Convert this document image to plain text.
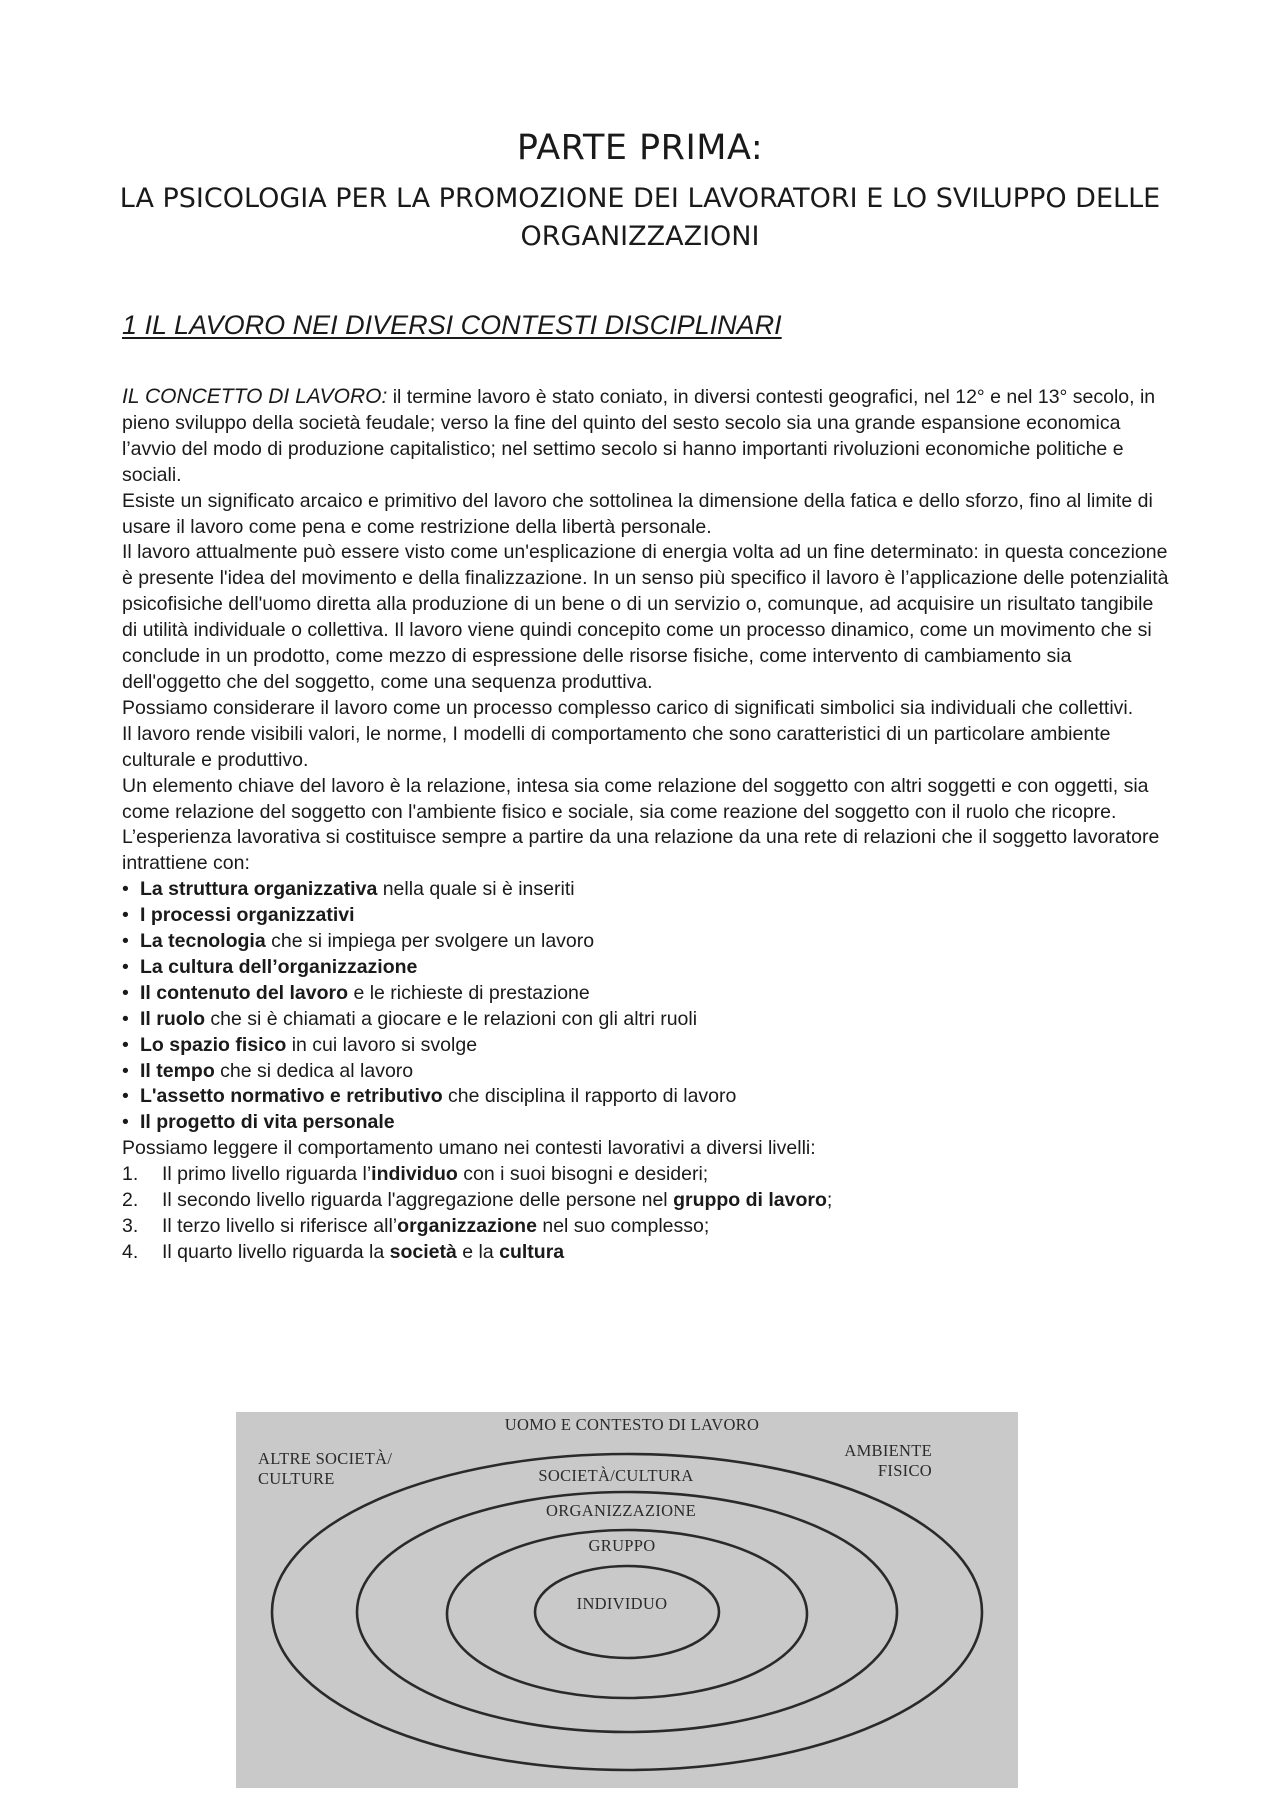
PARTE PRIMA:
LA PSICOLOGIA PER LA PROMOZIONE DEI LAVORATORI E LO SVILUPPO DELLE ORGANIZZAZIONI
1 IL LAVORO NEI DIVERSI CONTESTI DISCIPLINARI

IL CONCETTO DI LAVORO: il termine lavoro è stato coniato, in diversi contesti geografici, nel 12° e nel 13° secolo, in pieno sviluppo della società feudale; verso la fine del quinto del sesto secolo sia una grande espansione economica l’avvio del modo di produzione capitalistico; nel settimo secolo si hanno importanti rivoluzioni economiche politiche e sociali.

Esiste un significato arcaico e primitivo del lavoro che sottolinea la dimensione della fatica e dello sforzo, fino al limite di usare il lavoro come pena e come restrizione della libertà personale.

Il lavoro attualmente può essere visto come un'esplicazione di energia volta ad un fine determinato: in questa concezione è presente l'idea del movimento e della finalizzazione. In un senso più specifico il lavoro è l’applicazione delle potenzialità psicofisiche dell'uomo diretta alla produzione di un bene o di un servizio o, comunque, ad acquisire un risultato tangibile di utilità individuale o collettiva. Il lavoro viene quindi concepito come un processo dinamico, come un movimento che si conclude in un prodotto, come mezzo di espressione delle risorse fisiche, come intervento di cambiamento sia dell'oggetto che del soggetto, come una sequenza produttiva.

Possiamo considerare il lavoro come un processo complesso carico di significati simbolici sia individuali che collettivi.

Il lavoro rende visibili valori, le norme, I modelli di comportamento che sono caratteristici di un particolare ambiente culturale e produttivo.

Un elemento chiave del lavoro è la relazione, intesa sia come relazione del soggetto con altri soggetti e con oggetti, sia come relazione del soggetto con l'ambiente fisico e sociale, sia come reazione del soggetto con il ruolo che ricopre.

L’esperienza lavorativa si costituisce sempre a partire da una relazione da una rete di relazioni che il soggetto lavoratore intrattiene con:

• La struttura organizzativa nella quale si è inseriti
• I processi organizzativi
• La tecnologia che si impiega per svolgere un lavoro
• La cultura dell’organizzazione
• Il contenuto del lavoro e le richieste di prestazione
• Il ruolo che si è chiamati a giocare e le relazioni con gli altri ruoli
• Lo spazio fisico in cui lavoro si svolge
• Il tempo che si dedica al lavoro
• L'assetto normativo e retributivo che disciplina il rapporto di lavoro
• Il progetto di vita personale

Possiamo leggere il comportamento umano nei contesti lavorativi a diversi livelli:

1. Il primo livello riguarda l’individuo con i suoi bisogni e desideri;
2. Il secondo livello riguarda l'aggregazione delle persone nel gruppo di lavoro;
3. Il terzo livello si riferisce all’organizzazione nel suo complesso;
4. Il quarto livello riguarda la società e la cultura
UOMO E CONTESTO DI LAVORO
ALTRE SOCIETÀ/
CULTURE
AMBIENTE
FISICO
SOCIETÀ/CULTURA
ORGANIZZAZIONE
GRUPPO
INDIVIDUO
